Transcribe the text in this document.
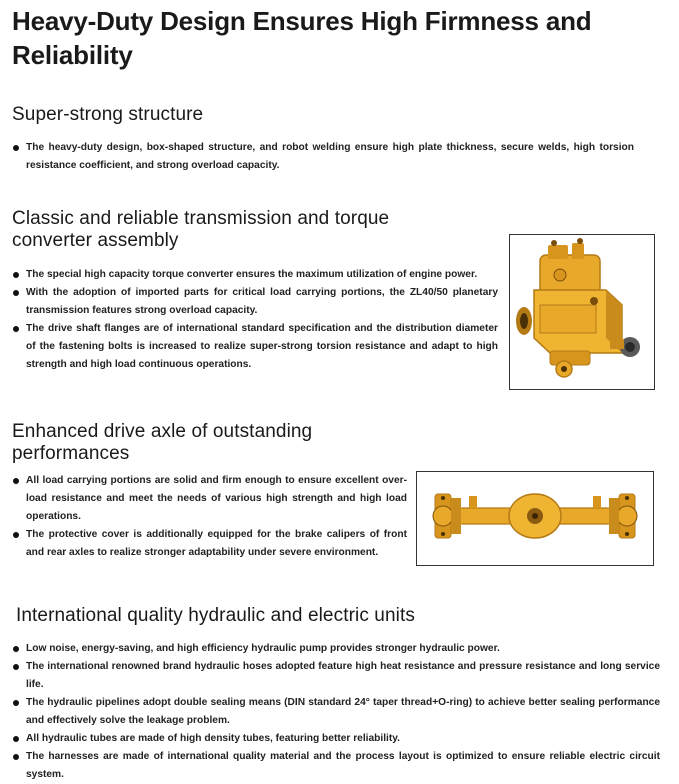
Heavy-Duty Design Ensures High Firmness and Reliability
Super-strong structure
The heavy-duty design, box-shaped structure, and robot welding ensure high plate thickness, secure welds, high torsion resistance coefficient, and strong overload capacity.
Classic and reliable transmission and torque converter assembly
The special high capacity torque converter ensures the maximum utilization of engine power.
With the adoption of imported parts for critical load carrying portions, the ZL40/50 planetary transmission features strong overload capacity.
The drive shaft flanges are of international standard specification and the distribution diameter of the fastening bolts is increased to realize super-strong torsion resistance and adapt to high strength and high load continuous operations.
Enhanced drive axle of outstanding performances
All load carrying portions are solid and firm enough to ensure excellent over-load resistance and meet the needs of various high strength and high load operations.
The protective cover is additionally equipped for the brake calipers of front and rear axles to realize stronger adaptability under severe environment.
International quality hydraulic and electric units
Low noise, energy-saving, and high efficiency hydraulic pump provides stronger hydraulic power.
The international renowned brand hydraulic hoses adopted feature high heat resistance and pressure resistance and long service life.
The hydraulic pipelines adopt double sealing means (DIN standard 24° taper thread+O-ring) to achieve better sealing performance and effectively solve the leakage problem.
All hydraulic tubes are made of high density tubes, featuring better reliability.
The harnesses are made of international quality material and the process layout is optimized to ensure reliable electric circuit system.
